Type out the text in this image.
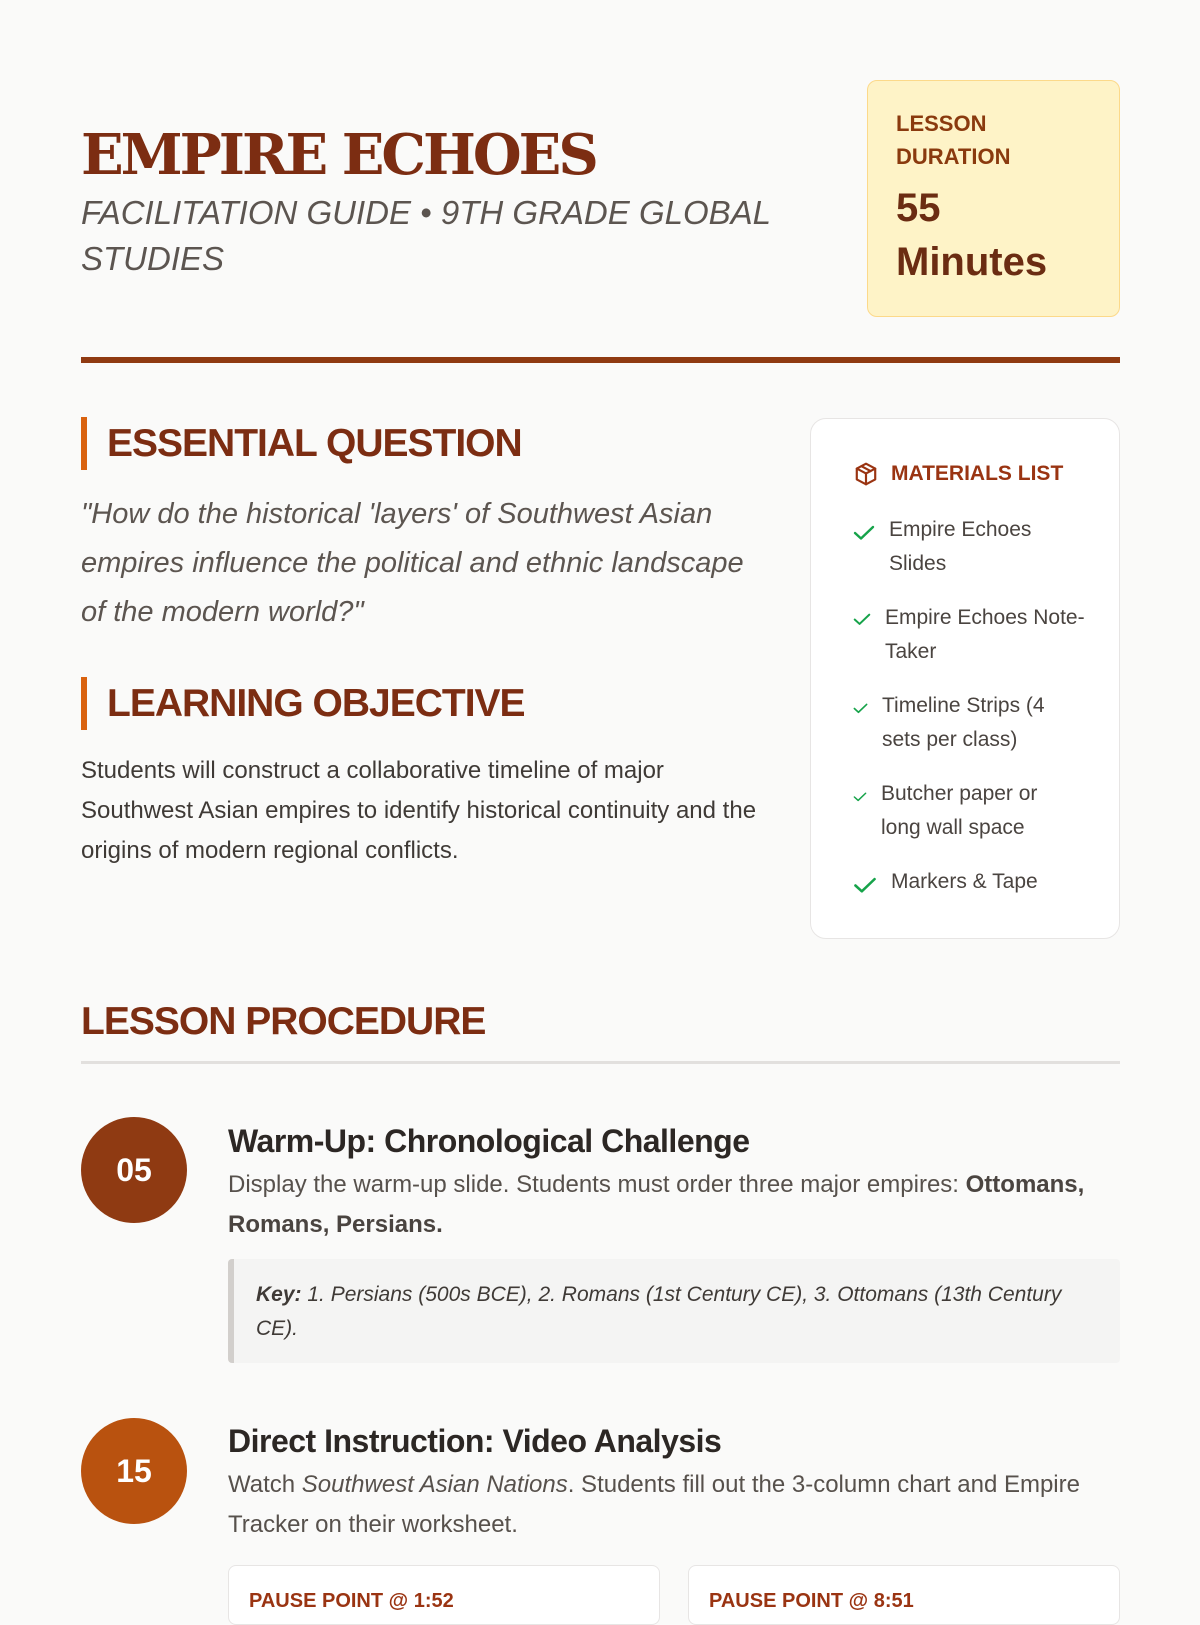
EMPIRE ECHOES
FACILITATION GUIDE • 9TH GRADE GLOBAL STUDIES
LESSON DURATION
55 Minutes
ESSENTIAL QUESTION

"How do the historical 'layers' of Southwest Asian empires influence the political and ethnic landscape of the modern world?"

LEARNING OBJECTIVE

Students will construct a collaborative timeline of major Southwest Asian empires to identify historical continuity and the origins of modern regional conflicts.

MATERIALS LIST
Empire Echoes Slides
Empire Echoes Note-Taker
Timeline Strips (4 sets per class)
Butcher paper or long wall space
Markers & Tape
LESSON PROCEDURE
05
Warm-Up: Chronological Challenge

Display the warm-up slide. Students must order three major empires: Ottomans, Romans, Persians.

Key: 1. Persians (500s BCE), 2. Romans (1st Century CE), 3. Ottomans (13th Century CE).
15
Direct Instruction: Video Analysis

Watch Southwest Asian Nations. Students fill out the 3-column chart and Empire Tracker on their worksheet.

PAUSE POINT @ 1:52	PAUSE POINT @ 8:51
